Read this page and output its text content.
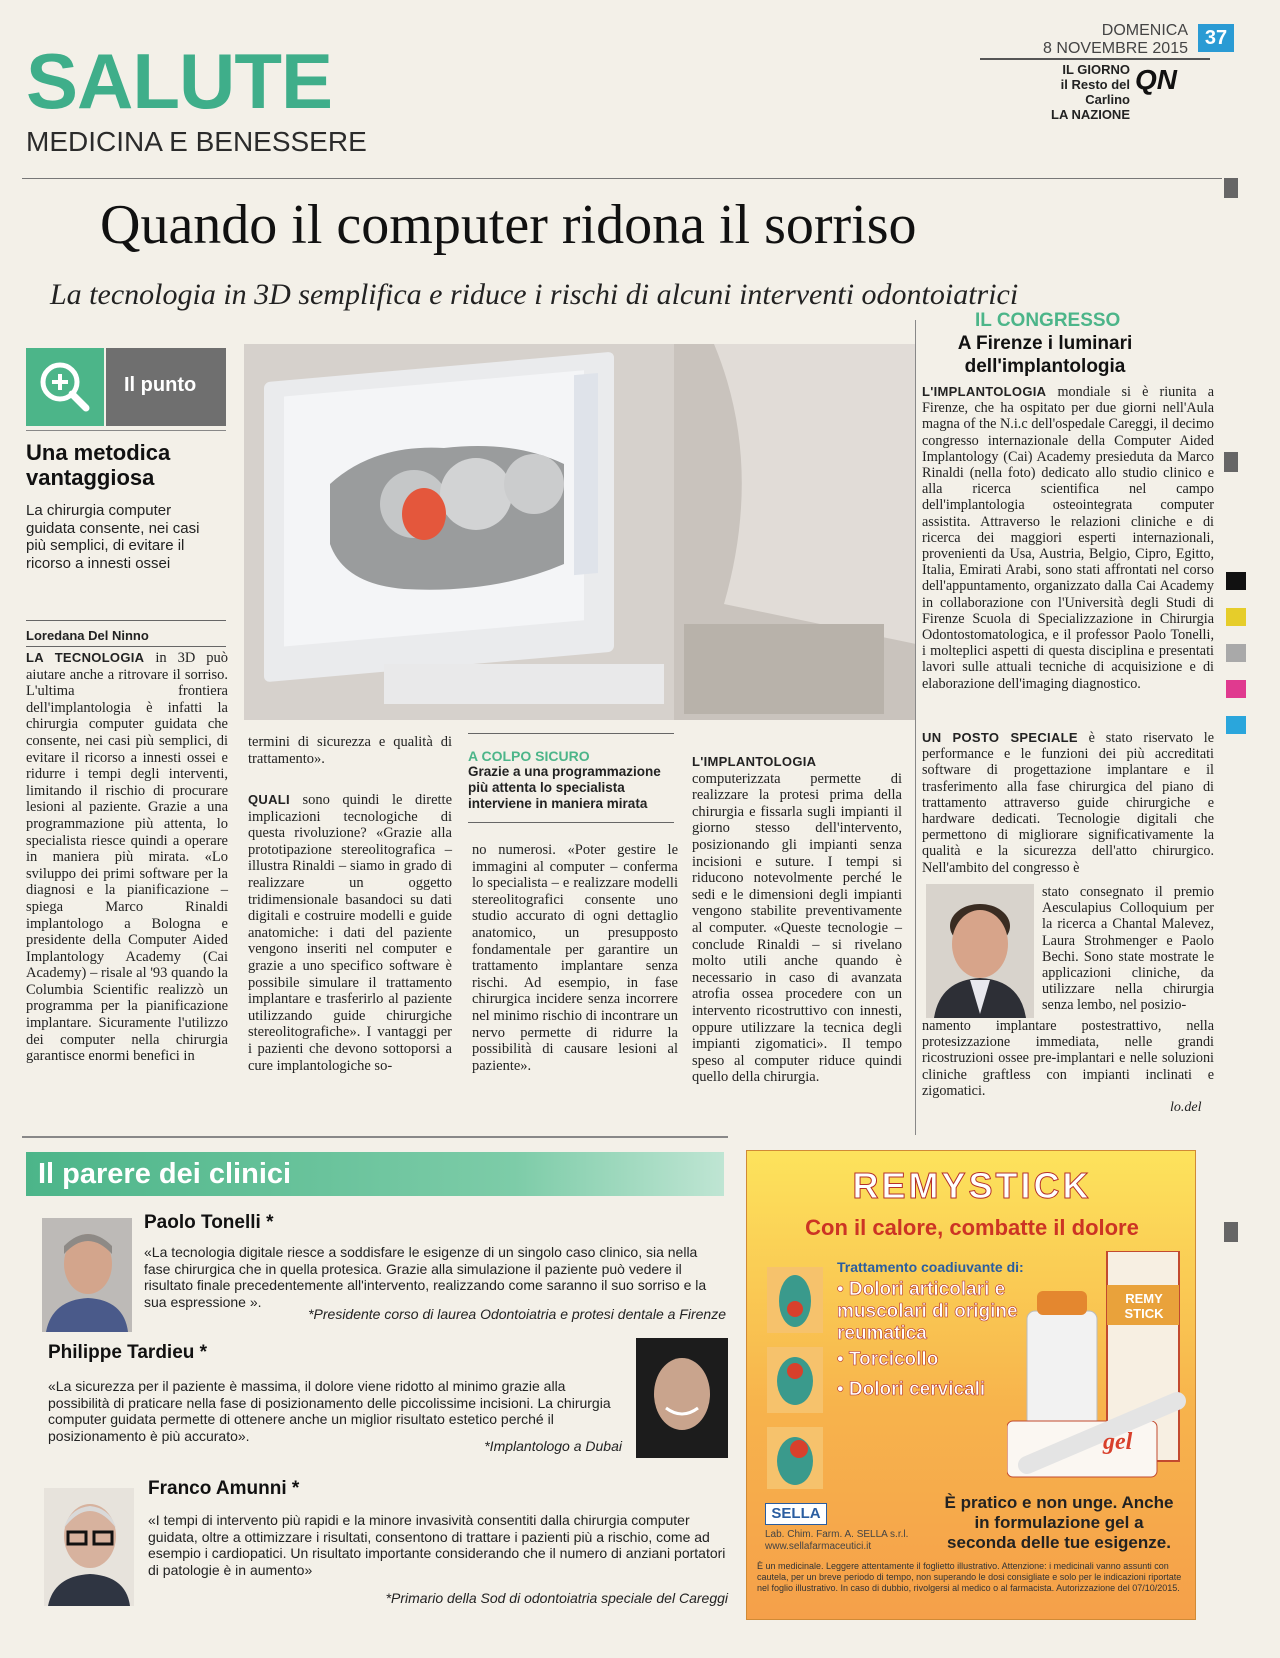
SALUTE
MEDICINA E BENESSERE
DOMENICA
8 NOVEMBRE 2015 37
IL GIORNO
il Resto del Carlino
LA NAZIONE
QN
Quando il computer ridona il sorriso
La tecnologia in 3D semplifica e riduce i rischi di alcuni interventi odontoiatrici
Il punto
Una metodica vantaggiosa
La chirurgia computer guidata consente, nei casi più semplici, di evitare il ricorso a innesti ossei
Loredana Del Ninno
LA TECNOLOGIA in 3D può aiutare anche a ritrovare il sorriso. L'ultima frontiera dell'implantologia è infatti la chirurgia computer guidata che consente, nei casi più semplici, di evitare il ricorso a innesti ossei e ridurre i tempi degli interventi, limitando il rischio di procurare lesioni al paziente. Grazie a una programmazione più attenta, lo specialista riesce quindi a operare in maniera più mirata. «Lo sviluppo dei primi software per la diagnosi e la pianificazione – spiega Marco Rinaldi implantologo a Bologna e presidente della Computer Aided Implantology Academy (Cai Academy) – risale al '93 quando la Columbia Scientific realizzò un programma per la pianificazione implantare. Sicuramente l'utilizzo dei computer nella chirurgia garantisce enormi benefici in
termini di sicurezza e qualità di trattamento».
QUALI sono quindi le dirette implicazioni tecnologiche di questa rivoluzione? «Grazie alla prototipazione stereolitografica – illustra Rinaldi – siamo in grado di realizzare un oggetto tridimensionale basandoci su dati digitali e costruire modelli e guide anatomiche: i dati del paziente vengono inseriti nel computer e grazie a uno specifico software è possibile simulare il trattamento implantare e trasferirlo al paziente utilizzando guide chirurgiche stereolitografiche». I vantaggi per i pazienti che devono sottoporsi a cure implantologiche so-
A COLPO SICURO
Grazie a una programmazione più attenta lo specialista interviene in maniera mirata
no numerosi. «Poter gestire le immagini al computer – conferma lo specialista – e realizzare modelli stereolitografici consente uno studio accurato di ogni dettaglio anatomico, un presupposto fondamentale per garantire un trattamento implantare senza rischi. Ad esempio, in fase chirurgica incidere senza incorrere nel minimo rischio di incontrare un nervo permette di ridurre la possibilità di causare lesioni al paziente».
L'IMPLANTOLOGIA computerizzata permette di realizzare la protesi prima della chirurgia e fissarla sugli impianti il giorno stesso dell'intervento, posizionando gli impianti senza incisioni e suture. I tempi si riducono notevolmente perché le sedi e le dimensioni degli impianti vengono stabilite preventivamente al computer. «Queste tecnologie – conclude Rinaldi – si rivelano molto utili anche quando è necessario in caso di avanzata atrofia ossea procedere con un intervento ricostruttivo con innesti, oppure utilizzare la tecnica degli impianti zigomatici». Il tempo speso al computer riduce quindi quello della chirurgia.
IL CONGRESSO
A Firenze i luminari dell'implantologia
L'IMPLANTOLOGIA mondiale si è riunita a Firenze, che ha ospitato per due giorni nell'Aula magna of the N.i.c dell'ospedale Careggi, il decimo congresso internazionale della Computer Aided Implantology (Cai) Academy presieduta da Marco Rinaldi (nella foto) dedicato allo studio clinico e alla ricerca scientifica nel campo dell'implantologia osteointegrata computer assistita. Attraverso le relazioni cliniche e di ricerca dei maggiori esperti internazionali, provenienti da Usa, Austria, Belgio, Cipro, Egitto, Italia, Emirati Arabi, sono stati affrontati nel corso dell'appuntamento, organizzato dalla Cai Academy in collaborazione con l'Università degli Studi di Firenze Scuola di Specializzazione in Chirurgia Odontostomatologica, e il professor Paolo Tonelli, i molteplici aspetti di questa disciplina e presentati lavori sulle attuali tecniche di acquisizione e di elaborazione dell'imaging diagnostico.
UN POSTO SPECIALE è stato riservato le performance e le funzioni dei più accreditati software di progettazione implantare e il trasferimento alla fase chirurgica del piano di trattamento attraverso guide chirurgiche e hardware dedicati. Tecnologie digitali che permettono di migliorare significativamente la qualità e la sicurezza dell'atto chirurgico. Nell'ambito del congresso è
stato consegnato il premio Aesculapius Colloquium per la ricerca a Chantal Malevez, Laura Strohmenger e Paolo Bechi. Sono state mostrate le applicazioni cliniche, da utilizzare nella chirurgia senza lembo, nel posizio-
namento implantare postestrattivo, nella protesizzazione immediata, nelle grandi ricostruzioni ossee pre-implantari e nelle soluzioni cliniche graftless con impianti inclinati e zigomatici.
lo.del
Il parere dei clinici
Paolo Tonelli *
«La tecnologia digitale riesce a soddisfare le esigenze di un singolo caso clinico, sia nella fase chirurgica che in quella protesica. Grazie alla simulazione il paziente può vedere il risultato finale precedentemente all'intervento, realizzando come saranno il suo sorriso e la sua espressione ».
*Presidente corso di laurea Odontoiatria e protesi dentale a Firenze
Philippe Tardieu *
«La sicurezza per il paziente è massima, il dolore viene ridotto al minimo grazie alla possibilità di praticare nella fase di posizionamento delle piccolissime incisioni. La chirurgia computer guidata permette di ottenere anche un miglior risultato estetico perché il posizionamento è più accurato».
*Implantologo a Dubai
Franco Amunni *
«I tempi di intervento più rapidi e la minore invasività consentiti dalla chirurgia computer guidata, oltre a ottimizzare i risultati, consentono di trattare i pazienti più a rischio, come ad esempio i cardiopatici. Un risultato importante considerando che il numero di anziani portatori di patologie è in aumento»
*Primario della Sod di odontoiatria speciale del Careggi
REMYSTICK
Con il calore, combatte il dolore
Trattamento coadiuvante di:
• Dolori articolari e muscolari di origine reumatica
• Torcicollo
• Dolori cervicali
REMY STICK
gel
SELLA
Lab. Chim. Farm. A. SELLA s.r.l.
www.sellafarmaceutici.it
È pratico e non unge. Anche in formulazione gel a seconda delle tue esigenze.
È un medicinale. Leggere attentamente il foglietto illustrativo. Attenzione: i medicinali vanno assunti con cautela, per un breve periodo di tempo, non superando le dosi consigliate e solo per le indicazioni riportate nel foglio illustrativo. In caso di dubbio, rivolgersi al medico o al farmacista. Autorizzazione del 07/10/2015.
